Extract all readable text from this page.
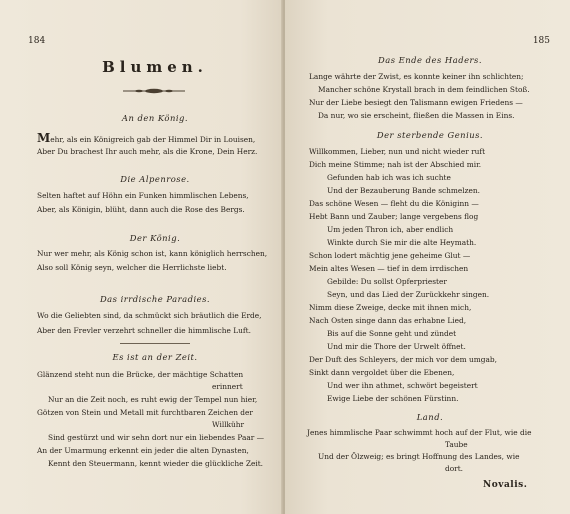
184
Blumen.
An den König.
Mehr, als ein Königreich gab der Himmel Dir in Louisen,
Aber Du brachest Ihr auch mehr, als die Krone, Dein Herz.
Die Alpenrose.
Selten haftet auf Höhn ein Funken himmlischen Lebens,
Aber, als Königin, blüht, dann auch die Rose des Bergs.
Der König.
Nur wer mehr, als König schon ist, kann königlich herrschen,
Also soll König seyn, welcher die Herrlichste liebt.
Das irrdische Paradies.
Wo die Geliebten sind, da schmückt sich bräutlich die Erde,
Aber den Frevler verzehrt schneller die himmlische Luft.
Es ist an der Zeit.
Glänzend steht nun die Brücke, der mächtige Schatten
erinnert
Nur an die Zeit noch, es ruht ewig der Tempel nun hier,
Götzen von Stein und Metall mit furchtbaren Zeichen der
Willkühr
Sind gestürzt und wir sehn dort nur ein liebendes Paar —
An der Umarmung erkennt ein jeder die alten Dynasten,
Kennt den Steuermann, kennt wieder die glückliche Zeit.
185
Das Ende des Haders.
Lange währte der Zwist, es konnte keiner ihn schlichten;
Mancher schöne Krystall brach in dem feindlichen Stoß.
Nur der Liebe besiegt den Talismann ewigen Friedens —
Da nur, wo sie erscheint, fließen die Massen in Eins.
Der sterbende Genius.
Willkommen, Lieber, nun und nicht wieder ruft
Dich meine Stimme; nah ist der Abschied mir.
Gefunden hab ich was ich suchte
Und der Bezauberung Bande schmelzen.
Das schöne Wesen — fleht du die Königinn —
Hebt Bann und Zauber; lange vergebens flog
Um jeden Thron ich, aber endlich
Winkte durch Sie mir die alte Heymath.
Schon lodert mächtig jene geheime Glut —
Mein altes Wesen — tief in dem irrdischen
Gebilde: Du sollst Opferpriester
Seyn, und das Lied der Zurückkehr singen.
Nimm diese Zweige, decke mit ihnen mich,
Nach Osten singe dann das erhabne Lied,
Bis auf die Sonne geht und zündet
Und mir die Thore der Urwelt öffnet.
Der Duft des Schleyers, der mich vor dem umgab,
Sinkt dann vergoldet über die Ebenen,
Und wer ihn athmet, schwört begeistert
Ewige Liebe der schönen Fürstinn.
Land.
Jenes himmlische Paar schwimmt hoch auf der Flut, wie die
Taube
Und der Ölzweig; es bringt Hoffnung des Landes, wie
dort.
Novalis.
